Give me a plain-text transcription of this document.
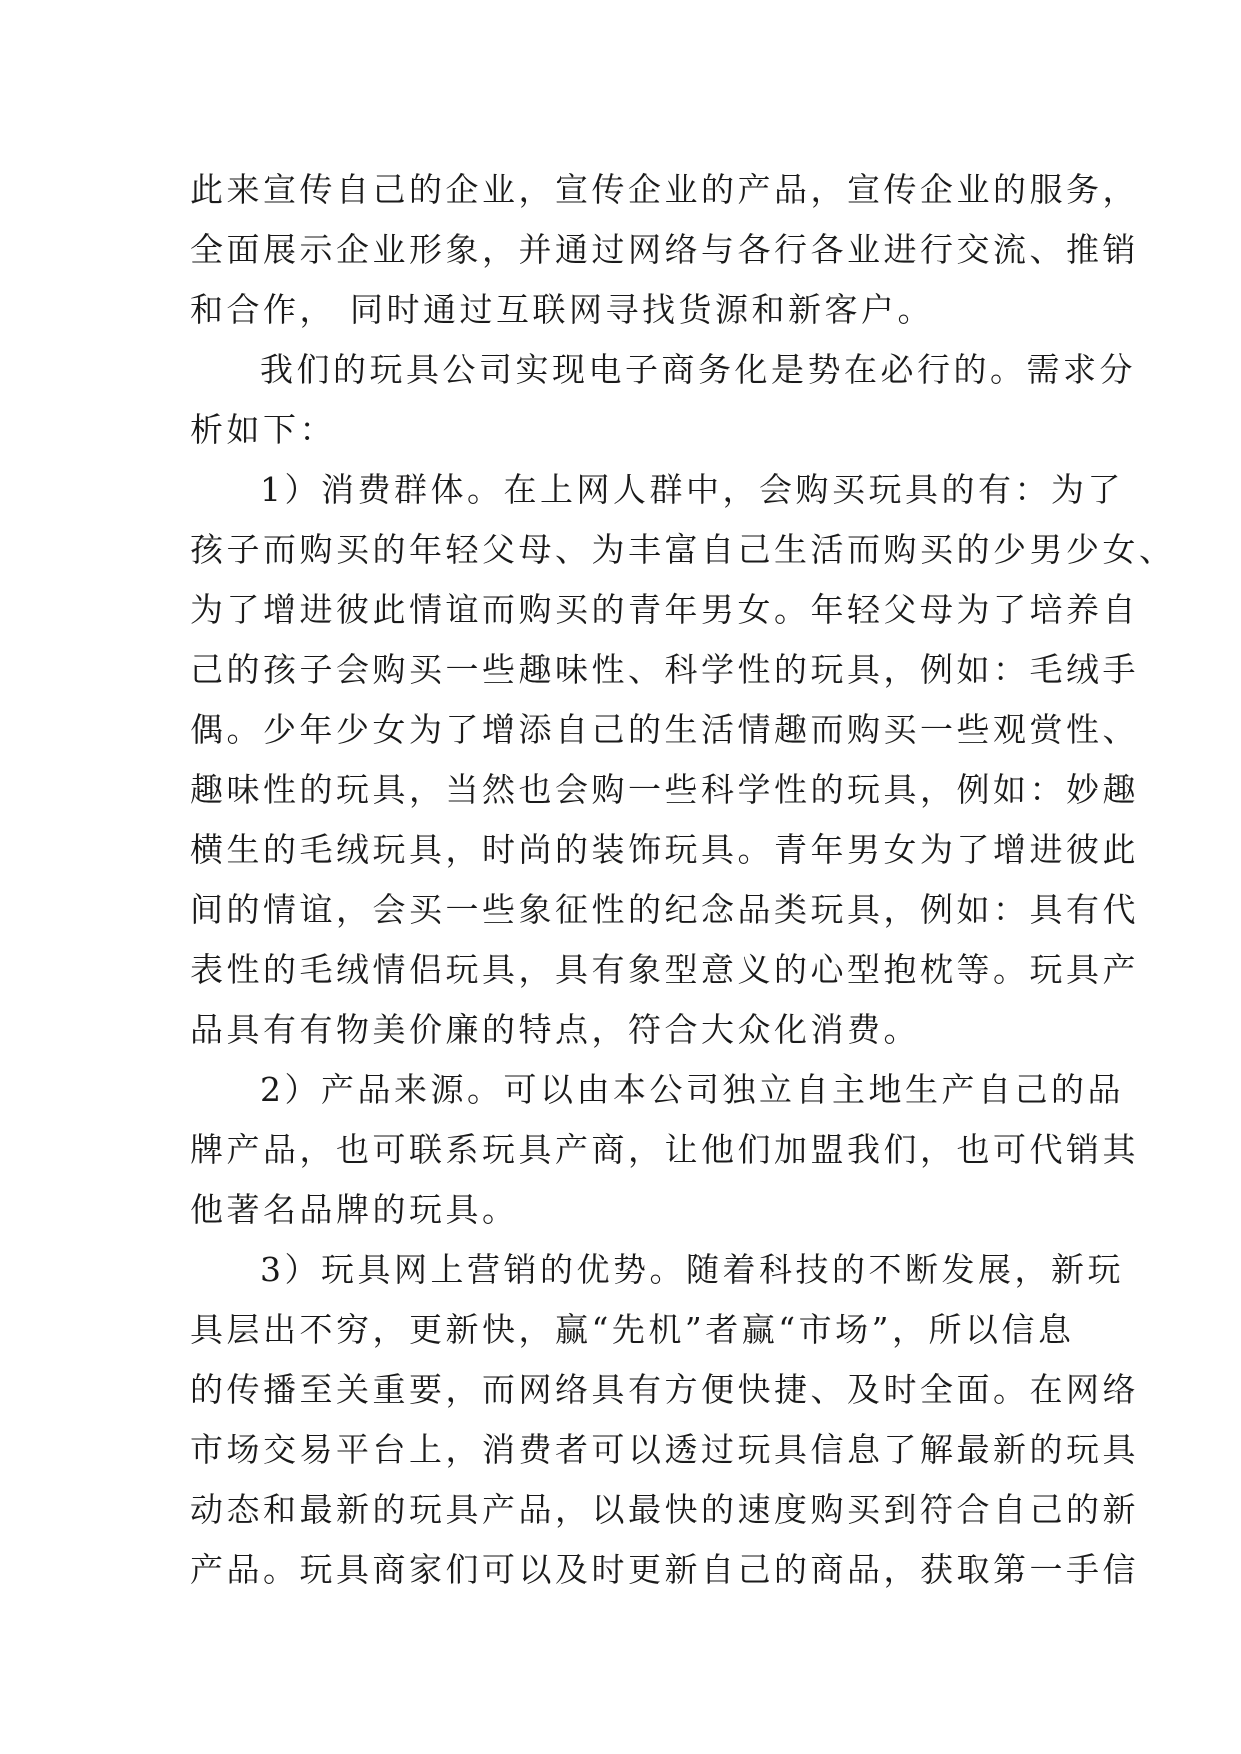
此来宣传自己的企业，宣传企业的产品，宣传企业的服务，
全面展示企业形象，并通过网络与各行各业进行交流、推销
和合作， 同时通过互联网寻找货源和新客户。
我们的玩具公司实现电子商务化是势在必行的。需求分
析如下：
1）消费群体。在上网人群中，会购买玩具的有：为了
孩子而购买的年轻父母、为丰富自己生活而购买的少男少女、
为了增进彼此情谊而购买的青年男女。年轻父母为了培养自
己的孩子会购买一些趣味性、科学性的玩具，例如：毛绒手
偶。少年少女为了增添自己的生活情趣而购买一些观赏性、
趣味性的玩具，当然也会购一些科学性的玩具，例如：妙趣
横生的毛绒玩具，时尚的装饰玩具。青年男女为了增进彼此
间的情谊，会买一些象征性的纪念品类玩具，例如：具有代
表性的毛绒情侣玩具，具有象型意义的心型抱枕等。玩具产
品具有有物美价廉的特点，符合大众化消费。
2）产品来源。可以由本公司独立自主地生产自己的品
牌产品，也可联系玩具产商，让他们加盟我们，也可代销其
他著名品牌的玩具。
3）玩具网上营销的优势。随着科技的不断发展，新玩
具层出不穷，更新快，赢“先机”者赢“市场”，所以信息
的传播至关重要，而网络具有方便快捷、及时全面。在网络
市场交易平台上，消费者可以透过玩具信息了解最新的玩具
动态和最新的玩具产品，以最快的速度购买到符合自己的新
产品。玩具商家们可以及时更新自己的商品，获取第一手信
